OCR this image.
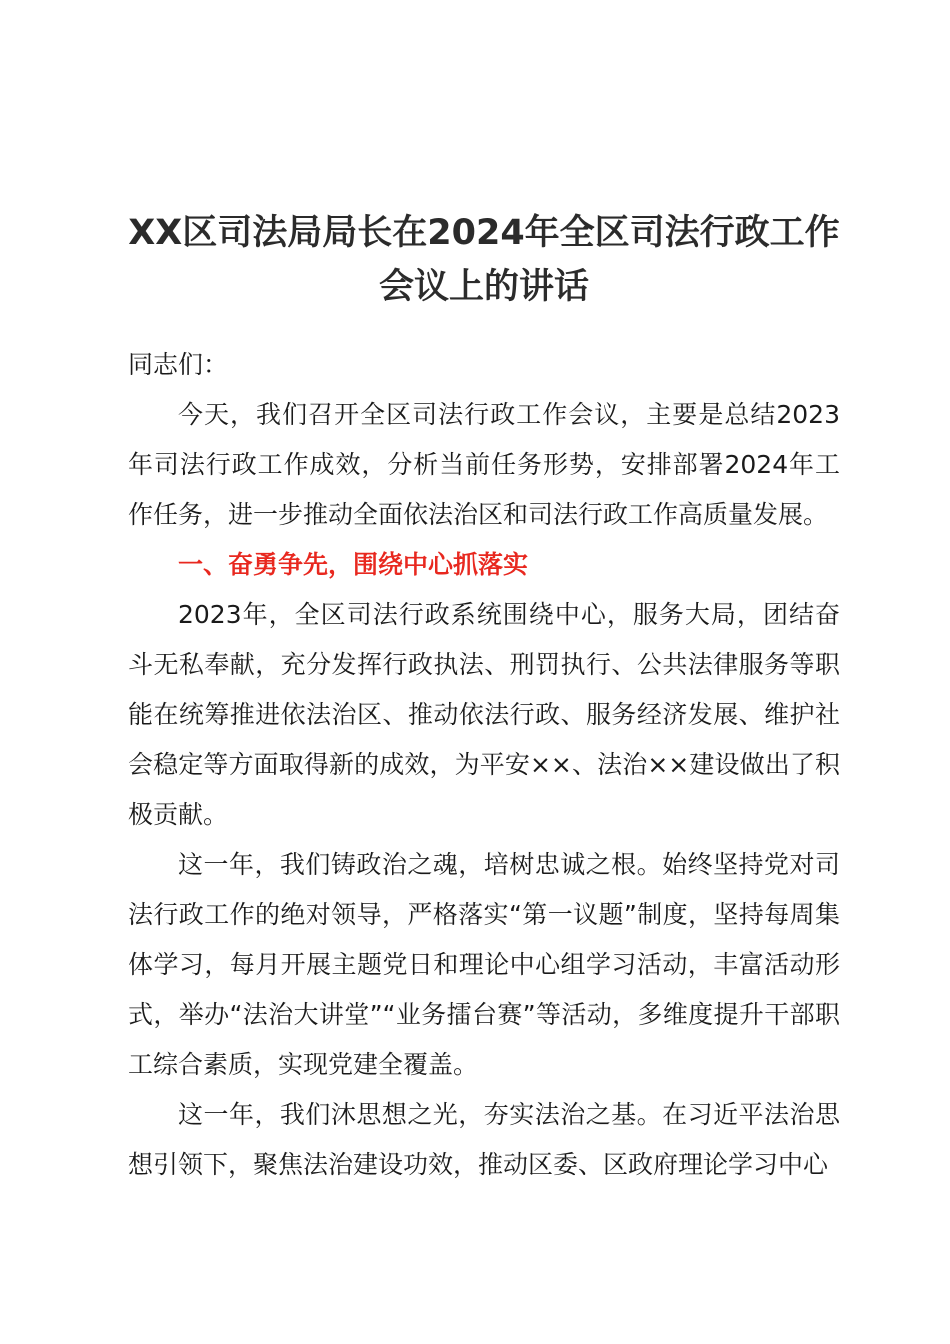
XX区司法局局长在2024年全区司法行政工作
会议上的讲话

同志们：

今天，我们召开全区司法行政工作会议，主要是总结2023年司法行政工作成效，分析当前任务形势，安排部署2024年工作任务，进一步推动全面依法治区和司法行政工作高质量发展。

一、奋勇争先，围绕中心抓落实

2023年，全区司法行政系统围绕中心，服务大局，团结奋斗无私奉献，充分发挥行政执法、刑罚执行、公共法律服务等职能在统筹推进依法治区、推动依法行政、服务经济发展、维护社会稳定等方面取得新的成效，为平安××、法治××建设做出了积极贡献。

这一年，我们铸政治之魂，培树忠诚之根。始终坚持党对司法行政工作的绝对领导，严格落实“第一议题”制度，坚持每周集体学习，每月开展主题党日和理论中心组学习活动，丰富活动形式，举办“法治大讲堂”“业务擂台赛”等活动，多维度提升干部职工综合素质，实现党建全覆盖。

这一年，我们沐思想之光，夯实法治之基。在习近平法治思想引领下，聚焦法治建设功效，推动区委、区政府理论学习中心
